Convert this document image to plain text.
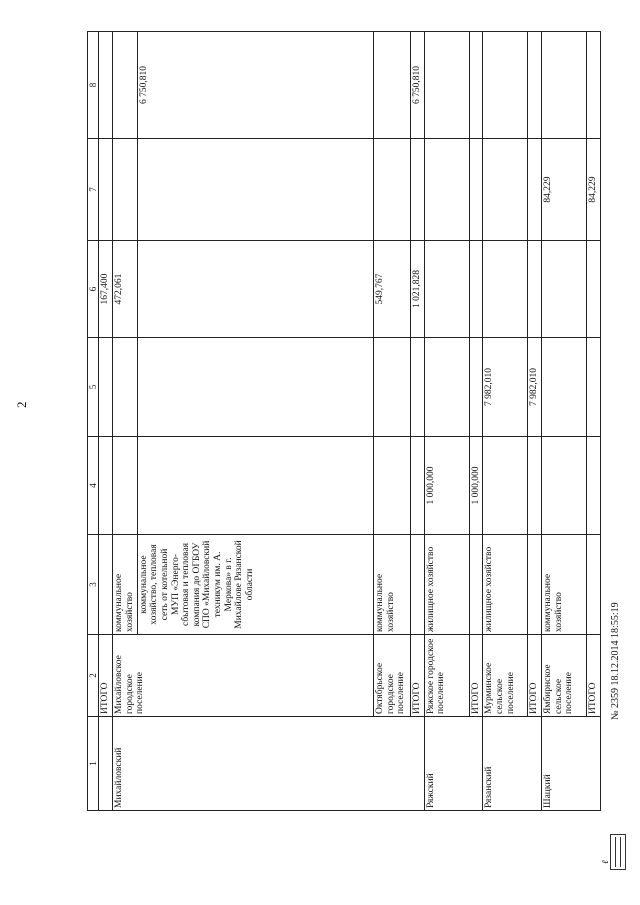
2
1	2	3	4	5	6	7	8
	ИТОГО				167,400		
Михайловский	Михайловское городское поселение	коммунальное хозяйство			472,061		
		коммунальное хозяйство, тепловая сеть от котельной МУП «Энерго-сбытовая и тепловая компания до ОГБОУ СПО «Михайловский техникум им. А. Меркова» в г. Михайлове Рязанской области					6 750,810
	Октябрьское городское поселение	коммунальное хозяйство			549,767		
	ИТОГО				1 021,828		6 750,810
Ряжский	Ряжское городское поселение	жилищное хозяйство	1 000,000				
	ИТОГО		1 000,000				
Рязанский	Мурминское сельское поселение	жилищное хозяйство		7 982,010			
	ИТОГО			7 982,010			
Шацкий	Ямбирнское сельское поселение	коммунальное хозяйство				84,229	
	ИТОГО					84,229	
ℓ
№ 2359 18.12.2014 18:55:19
